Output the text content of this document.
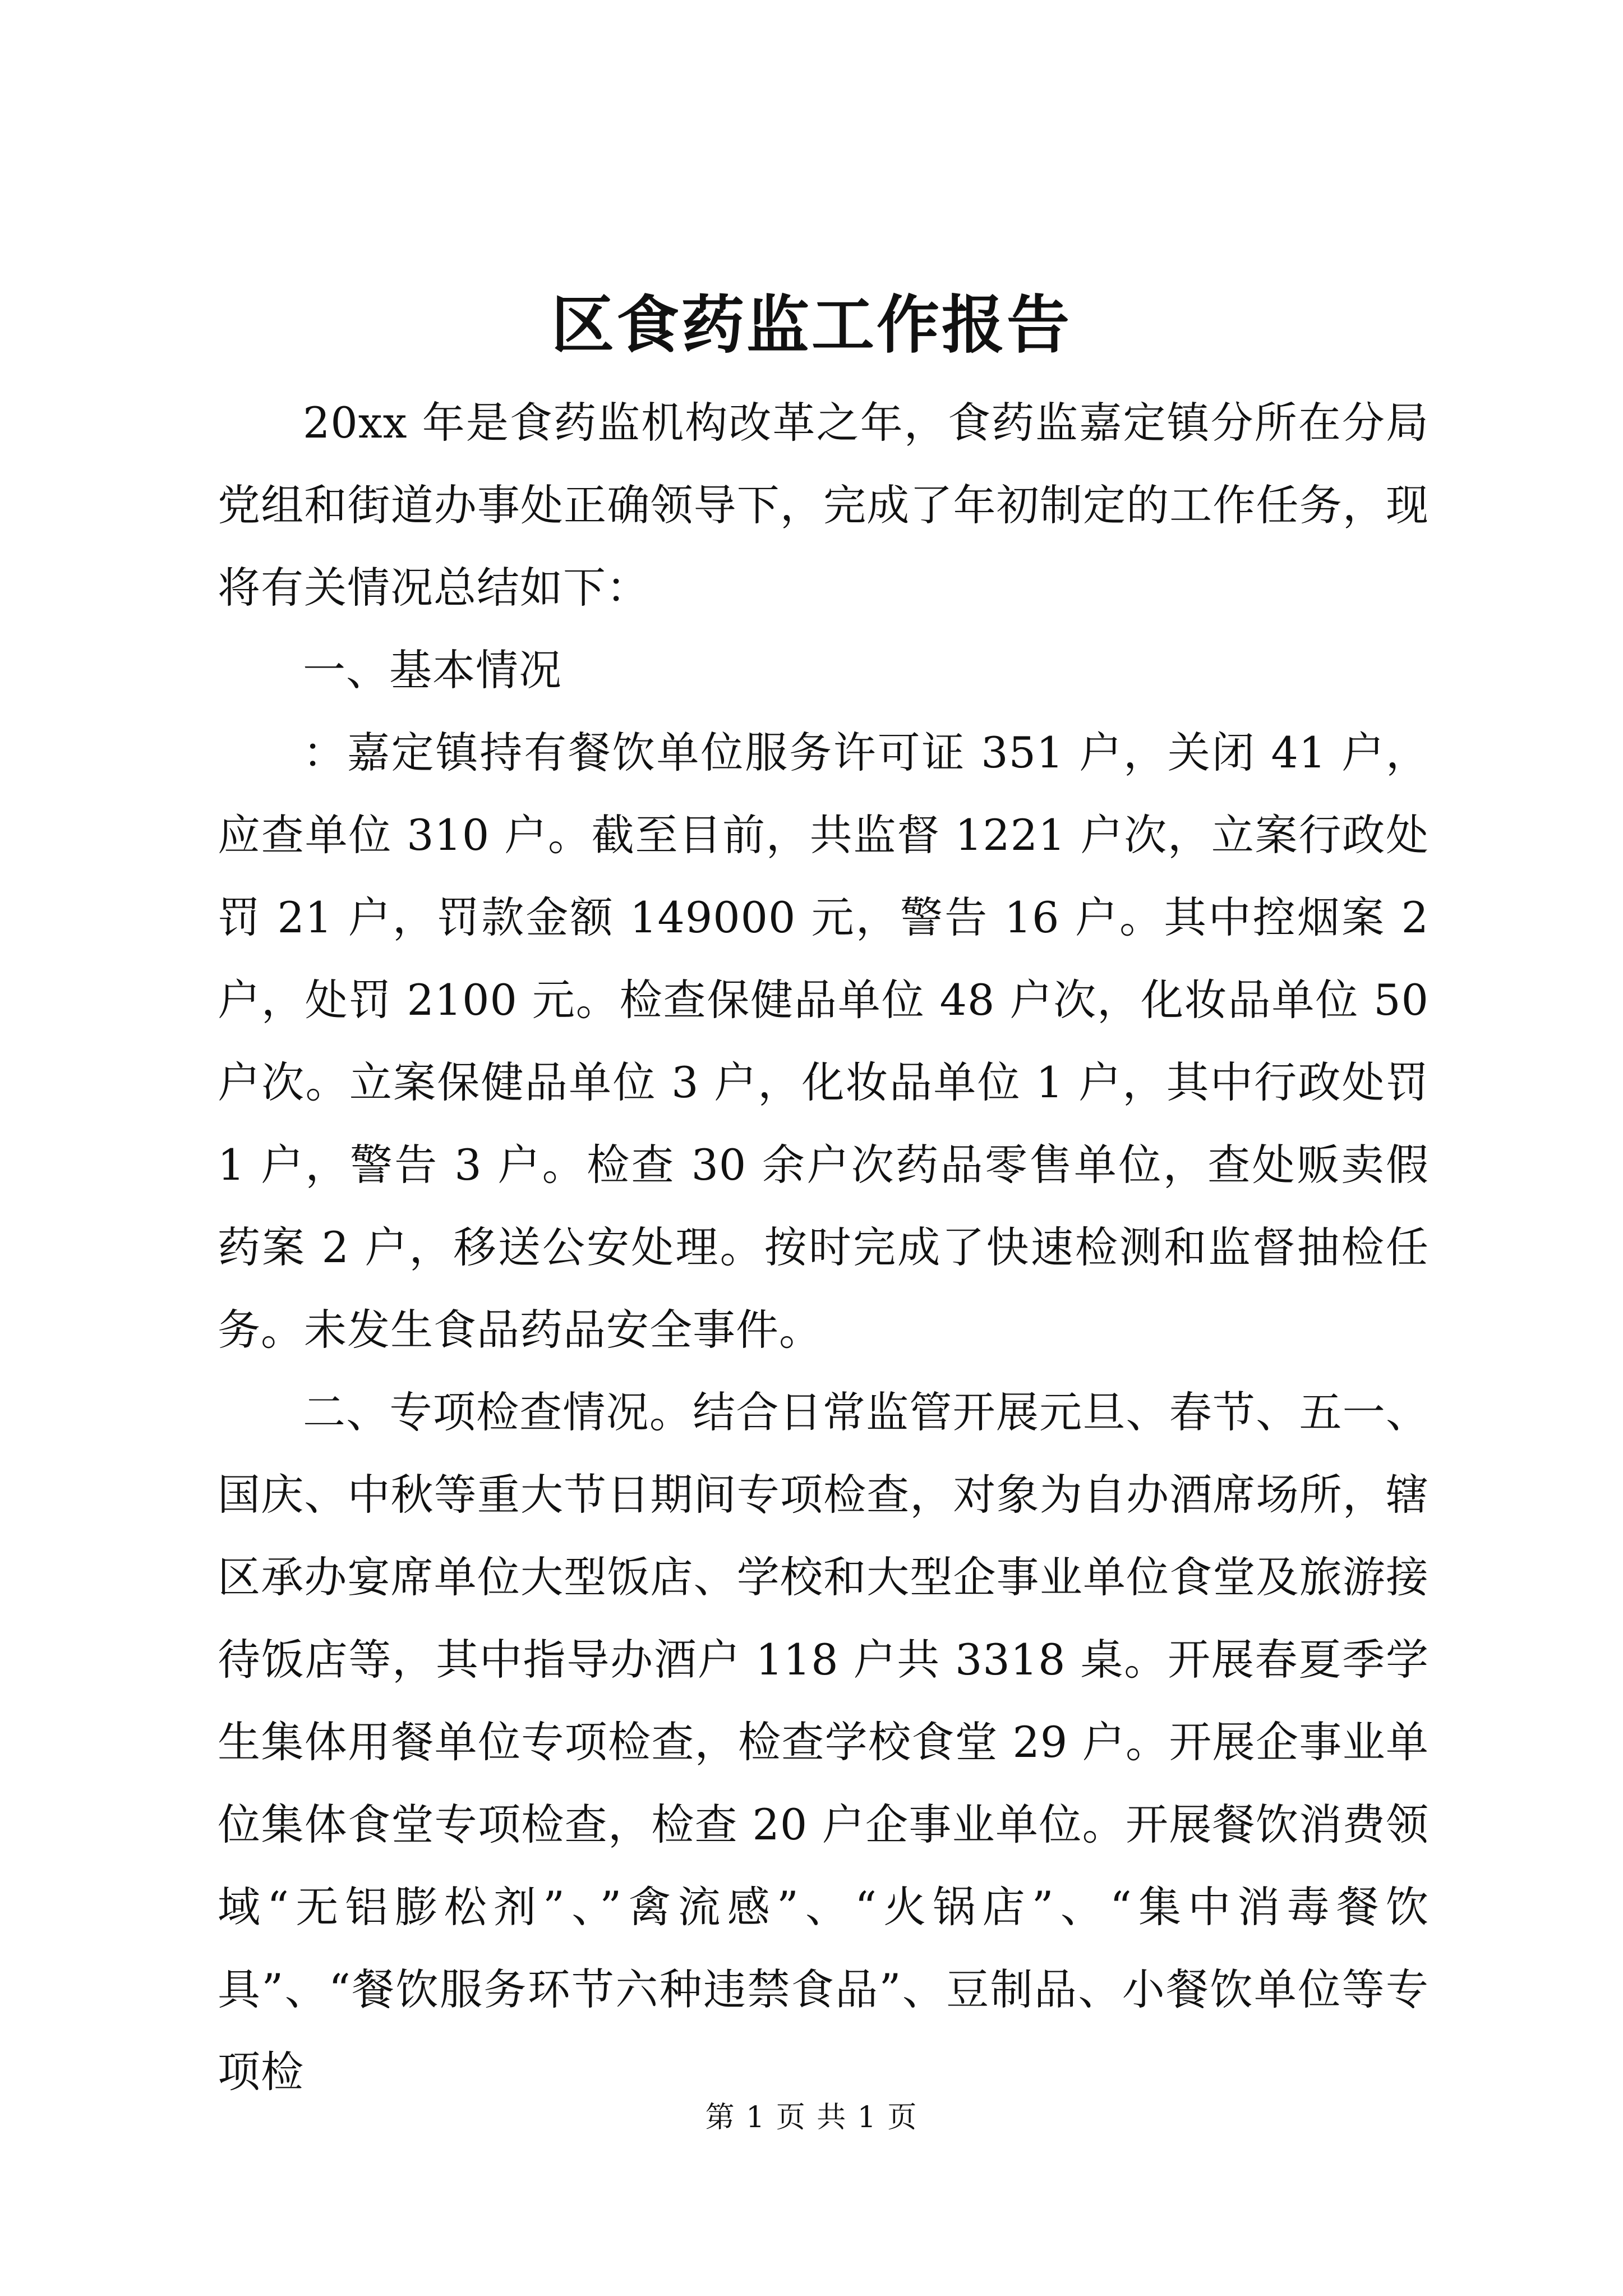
区食药监工作报告

20xx 年是食药监机构改革之年，食药监嘉定镇分所在分局党组和街道办事处正确领导下，完成了年初制定的工作任务，现将有关情况总结如下：

一、基本情况

：嘉定镇持有餐饮单位服务许可证 351 户，关闭 41 户，应查单位 310 户。截至目前，共监督 1221 户次，立案行政处罚 21 户，罚款金额 149000 元，警告 16 户。其中控烟案 2 户，处罚 2100 元。检查保健品单位 48 户次，化妆品单位 50 户次。立案保健品单位 3 户，化妆品单位 1 户，其中行政处罚 1 户，警告 3 户。检查 30 余户次药品零售单位，查处贩卖假药案 2 户，移送公安处理。按时完成了快速检测和监督抽检任务。未发生食品药品安全事件。

二、专项检查情况。结合日常监管开展元旦、春节、五一、国庆、中秋等重大节日期间专项检查，对象为自办酒席场所，辖区承办宴席单位大型饭店、学校和大型企事业单位食堂及旅游接待饭店等，其中指导办酒户 118 户共 3318 桌。开展春夏季学生集体用餐单位专项检查，检查学校食堂 29 户。开展企事业单位集体食堂专项检查，检查 20 户企事业单位。开展餐饮消费领域“无铝膨松剂”、”禽流感”、“火锅店”、“集中消毒餐饮具”、“餐饮服务环节六种违禁食品”、豆制品、小餐饮单位等专项检

第 1 页 共 1 页
